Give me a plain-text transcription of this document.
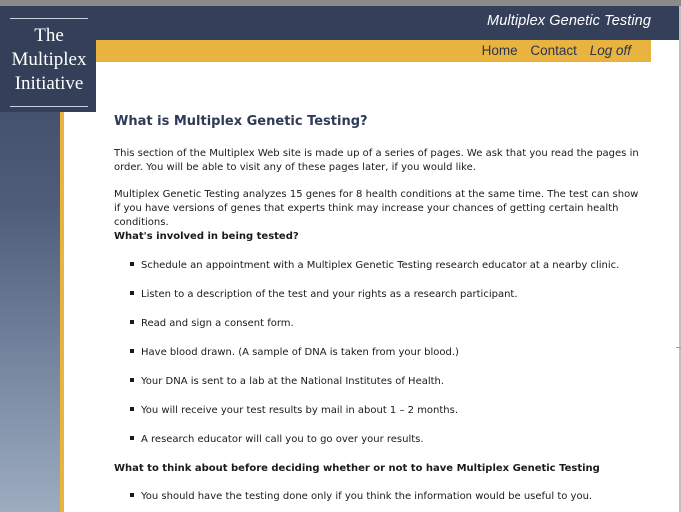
Multiplex Genetic Testing
The
Multiplex
Initiative
Home Contact Log off
What is Multiplex Genetic Testing?

This section of the Multiplex Web site is made up of a series of pages. We ask that you read the pages in order. You will be able to visit any of these pages later, if you would like.

Multiplex Genetic Testing analyzes 15 genes for 8 health conditions at the same time. The test can show if you have versions of genes that experts think may increase your chances of getting certain health conditions.

What's involved in being tested?
Schedule an appointment with a Multiplex Genetic Testing research educator at a nearby clinic.
Listen to a description of the test and your rights as a research participant.
Read and sign a consent form.
Have blood drawn. (A sample of DNA is taken from your blood.)
Your DNA is sent to a lab at the National Institutes of Health.
You will receive your test results by mail in about 1 – 2 months.
A research educator will call you to go over your results.
What to think about before deciding whether or not to have Multiplex Genetic Testing
You should have the testing done only if you think the information would be useful to you.
